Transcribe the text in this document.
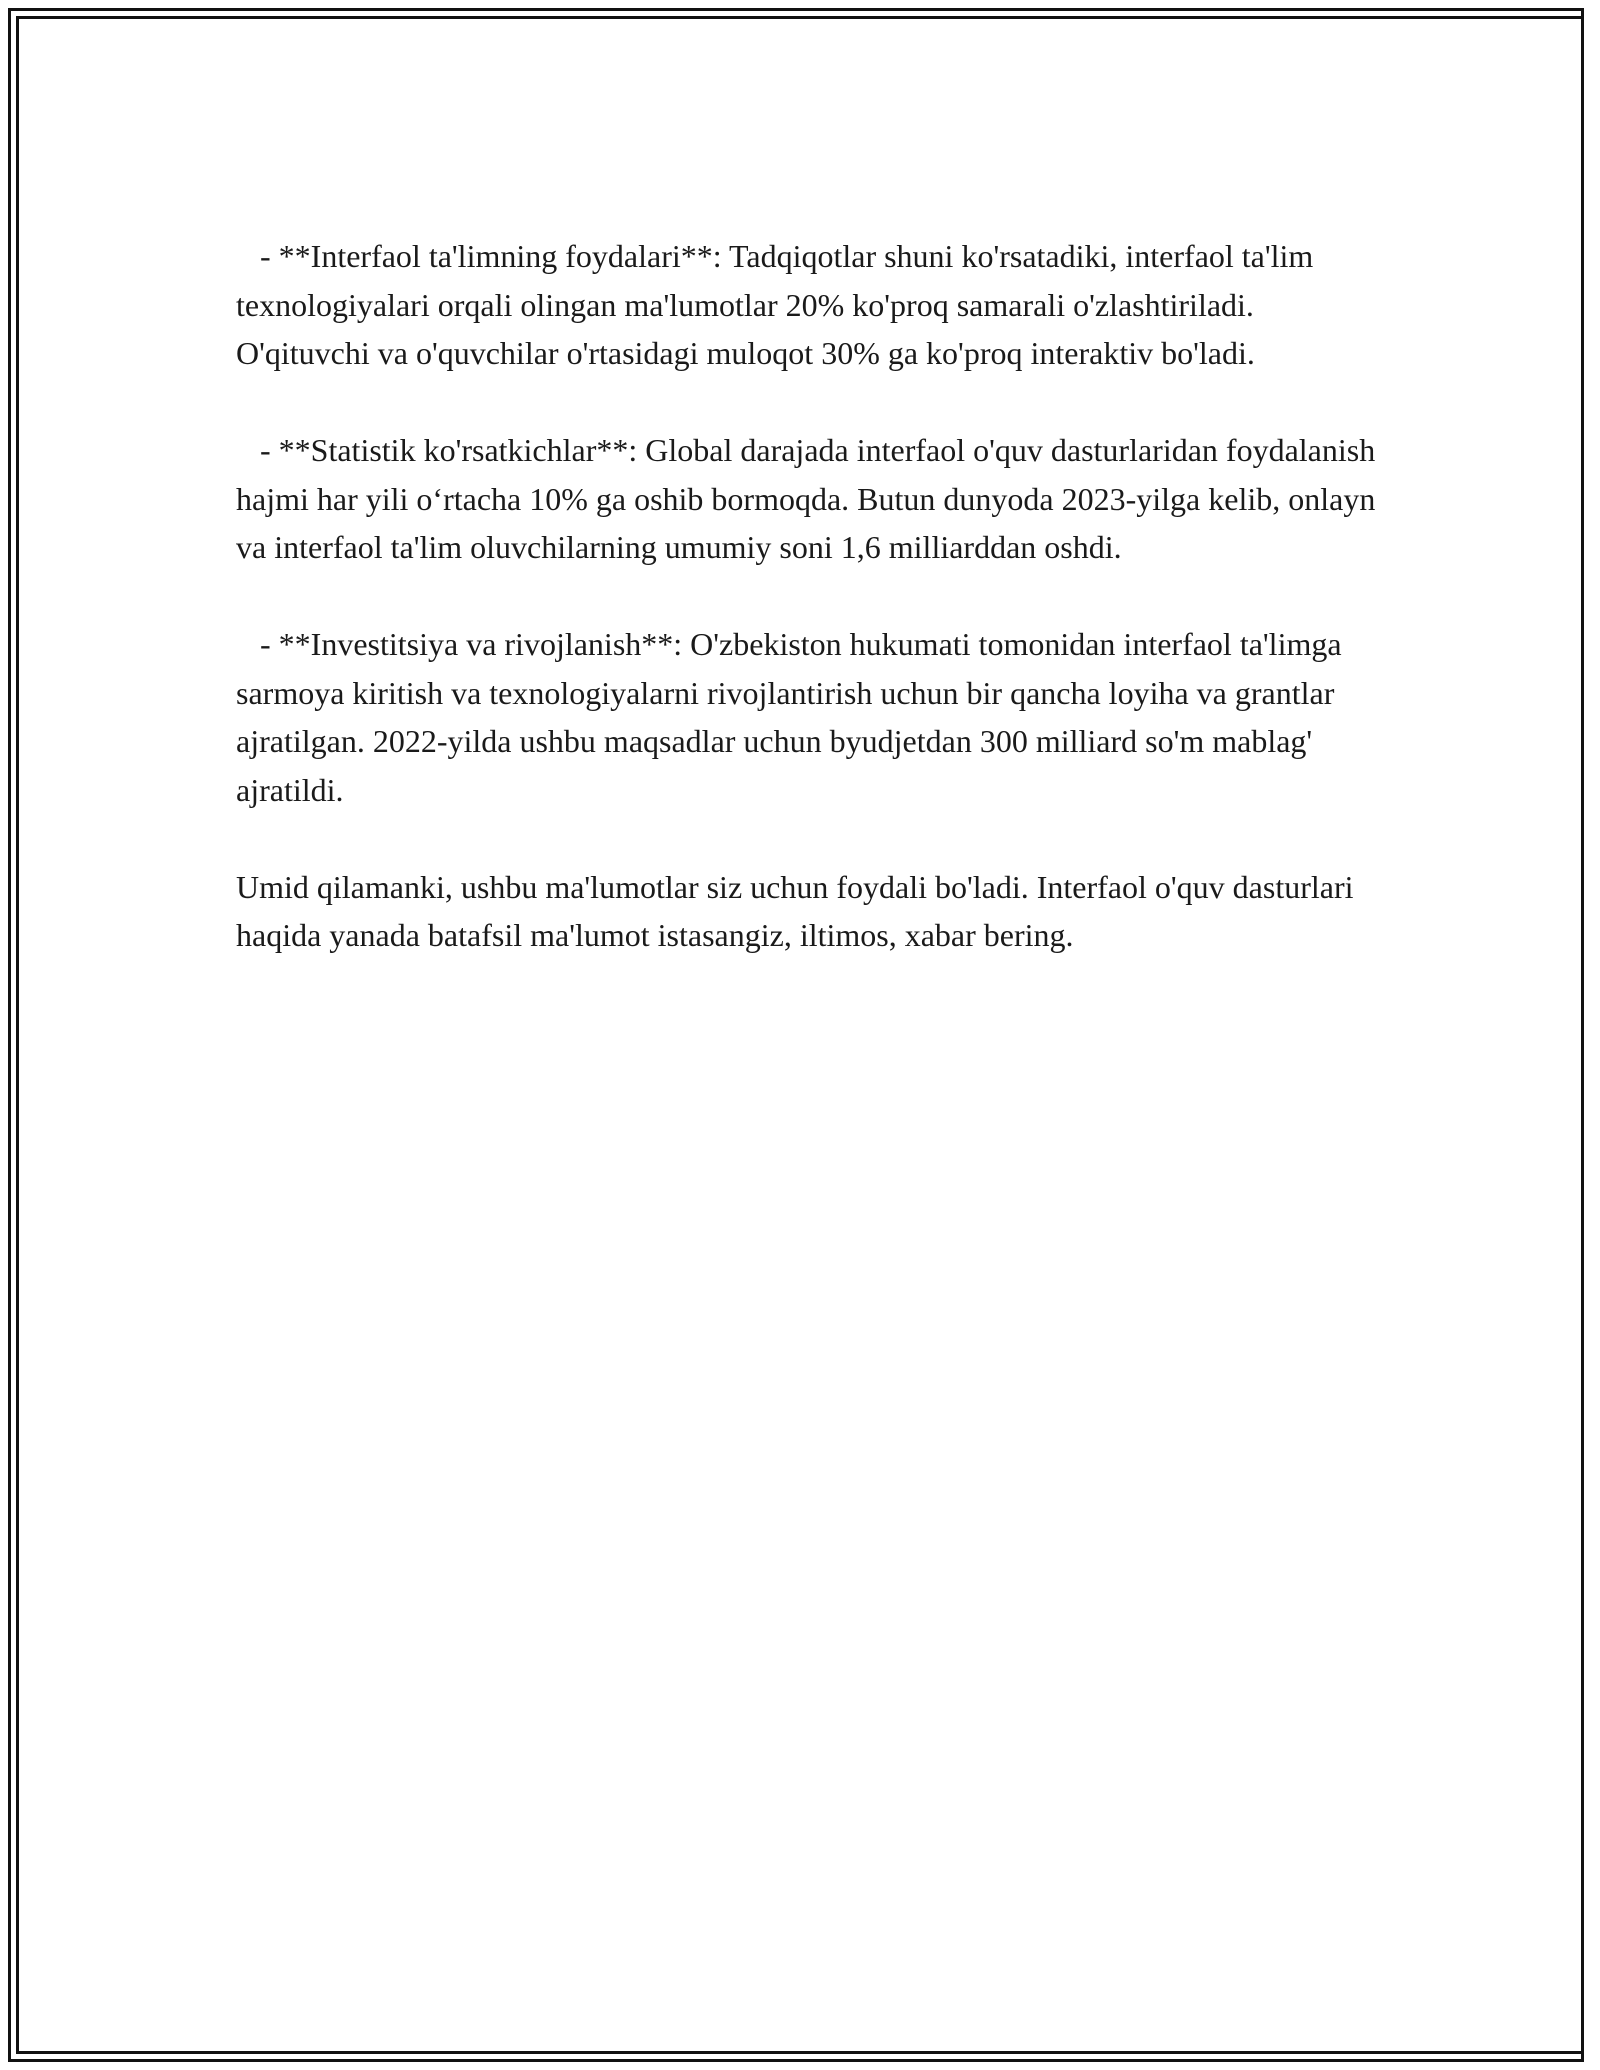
- **Interfaol ta'limning foydalari**: Tadqiqotlar shuni ko'rsatadiki, interfaol ta'lim texnologiyalari orqali olingan ma'lumotlar 20% ko'proq samarali o'zlashtiriladi. O'qituvchi va o'quvchilar o'rtasidagi muloqot 30% ga ko'proq interaktiv bo'ladi.

- **Statistik ko'rsatkichlar**: Global darajada interfaol o'quv dasturlaridan foydalanish hajmi har yili o‘rtacha 10% ga oshib bormoqda. Butun dunyoda 2023-yilga kelib, onlayn va interfaol ta'lim oluvchilarning umumiy soni 1,6 milliarddan oshdi.

- **Investitsiya va rivojlanish**: O'zbekiston hukumati tomonidan interfaol ta'limga sarmoya kiritish va texnologiyalarni rivojlantirish uchun bir qancha loyiha va grantlar ajratilgan. 2022-yilda ushbu maqsadlar uchun byudjetdan 300 milliard so'm mablag' ajratildi.

Umid qilamanki, ushbu ma'lumotlar siz uchun foydali bo'ladi. Interfaol o'quv dasturlari haqida yanada batafsil ma'lumot istasangiz, iltimos, xabar bering.
